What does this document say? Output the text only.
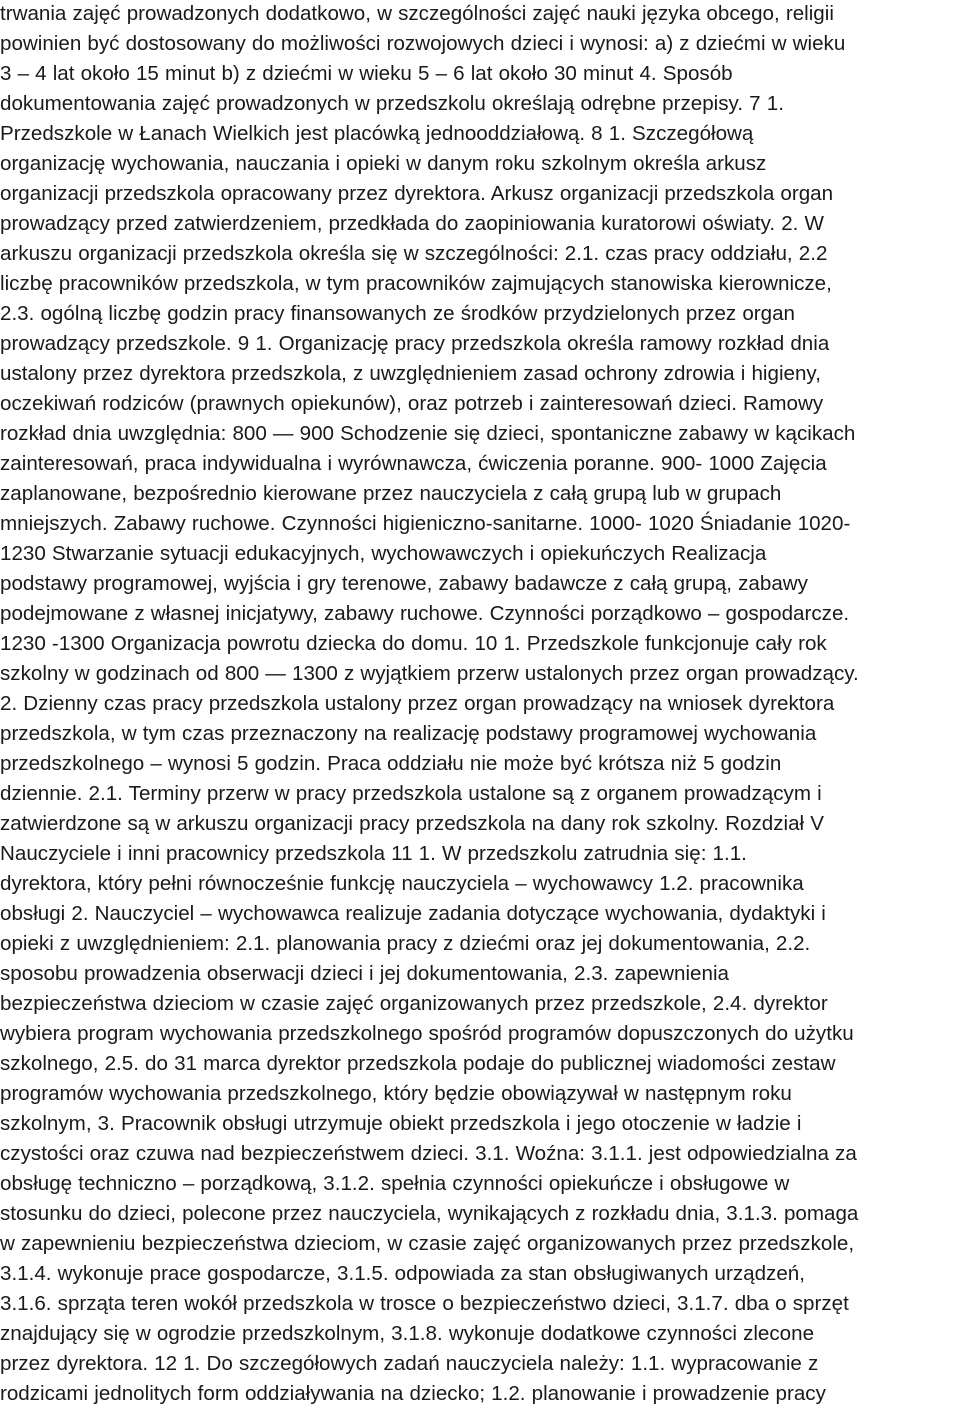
trwania zajęć prowadzonych dodatkowo, w szczególności zajęć nauki języka obcego, religii
powinien być dostosowany do możliwości rozwojowych dzieci i wynosi: a) z dziećmi w wieku
3 – 4 lat około 15 minut b) z dziećmi w wieku 5 – 6 lat około 30 minut 4. Sposób
dokumentowania zajęć prowadzonych w przedszkolu określają odrębne przepisy. 7 1.
Przedszkole w Łanach Wielkich jest placówką jednooddziałową. 8 1. Szczegółową
organizację wychowania, nauczania i opieki w danym roku szkolnym określa arkusz
organizacji przedszkola opracowany przez dyrektora. Arkusz organizacji przedszkola organ
prowadzący przed zatwierdzeniem, przedkłada do zaopiniowania kuratorowi oświaty. 2. W
arkuszu organizacji przedszkola określa się w szczególności: 2.1. czas pracy oddziału, 2.2
liczbę pracowników przedszkola, w tym pracowników zajmujących stanowiska kierownicze,
2.3. ogólną liczbę godzin pracy finansowanych ze środków przydzielonych przez organ
prowadzący przedszkole. 9 1. Organizację pracy przedszkola określa ramowy rozkład dnia
ustalony przez dyrektora przedszkola, z uwzględnieniem zasad ochrony zdrowia i higieny,
oczekiwań rodziców (prawnych opiekunów), oraz potrzeb i zainteresowań dzieci. Ramowy
rozkład dnia uwzględnia: 800 — 900 Schodzenie się dzieci, spontaniczne zabawy w kącikach
zainteresowań, praca indywidualna i wyrównawcza, ćwiczenia poranne. 900- 1000 Zajęcia
zaplanowane, bezpośrednio kierowane przez nauczyciela z całą grupą lub w grupach
mniejszych. Zabawy ruchowe. Czynności higieniczno-sanitarne. 1000- 1020 Śniadanie 1020-
1230 Stwarzanie sytuacji edukacyjnych, wychowawczych i opiekuńczych Realizacja
podstawy programowej, wyjścia i gry terenowe, zabawy badawcze z całą grupą, zabawy
podejmowane z własnej inicjatywy, zabawy ruchowe. Czynności porządkowo – gospodarcze.
1230 -1300 Organizacja powrotu dziecka do domu. 10 1. Przedszkole funkcjonuje cały rok
szkolny w godzinach od 800 — 1300 z wyjątkiem przerw ustalonych przez organ prowadzący.
2. Dzienny czas pracy przedszkola ustalony przez organ prowadzący na wniosek dyrektora
przedszkola, w tym czas przeznaczony na realizację podstawy programowej wychowania
przedszkolnego – wynosi 5 godzin. Praca oddziału nie może być krótsza niż 5 godzin
dziennie. 2.1. Terminy przerw w pracy przedszkola ustalone są z organem prowadzącym i
zatwierdzone są w arkuszu organizacji pracy przedszkola na dany rok szkolny. Rozdział V
Nauczyciele i inni pracownicy przedszkola 11 1. W przedszkolu zatrudnia się: 1.1.
dyrektora, który pełni równocześnie funkcję nauczyciela – wychowawcy 1.2. pracownika
obsługi 2. Nauczyciel – wychowawca realizuje zadania dotyczące wychowania, dydaktyki i
opieki z uwzględnieniem: 2.1. planowania pracy z dziećmi oraz jej dokumentowania, 2.2.
sposobu prowadzenia obserwacji dzieci i jej dokumentowania, 2.3. zapewnienia
bezpieczeństwa dzieciom w czasie zajęć organizowanych przez przedszkole, 2.4. dyrektor
wybiera program wychowania przedszkolnego spośród programów dopuszczonych do użytku
szkolnego, 2.5. do 31 marca dyrektor przedszkola podaje do publicznej wiadomości zestaw
programów wychowania przedszkolnego, który będzie obowiązywał w następnym roku
szkolnym, 3. Pracownik obsługi utrzymuje obiekt przedszkola i jego otoczenie w ładzie i
czystości oraz czuwa nad bezpieczeństwem dzieci. 3.1. Woźna: 3.1.1. jest odpowiedzialna za
obsługę techniczno – porządkową, 3.1.2. spełnia czynności opiekuńcze i obsługowe w
stosunku do dzieci, polecone przez nauczyciela, wynikających z rozkładu dnia, 3.1.3. pomaga
w zapewnieniu bezpieczeństwa dzieciom, w czasie zajęć organizowanych przez przedszkole,
3.1.4. wykonuje prace gospodarcze, 3.1.5. odpowiada za stan obsługiwanych urządzeń,
3.1.6. sprząta teren wokół przedszkola w trosce o bezpieczeństwo dzieci, 3.1.7. dba o sprzęt
znajdujący się w ogrodzie przedszkolnym, 3.1.8. wykonuje dodatkowe czynności zlecone
przez dyrektora. 12 1. Do szczegółowych zadań nauczyciela należy: 1.1. wypracowanie z
rodzicami jednolitych form oddziaływania na dziecko; 1.2. planowanie i prowadzenie pracy
